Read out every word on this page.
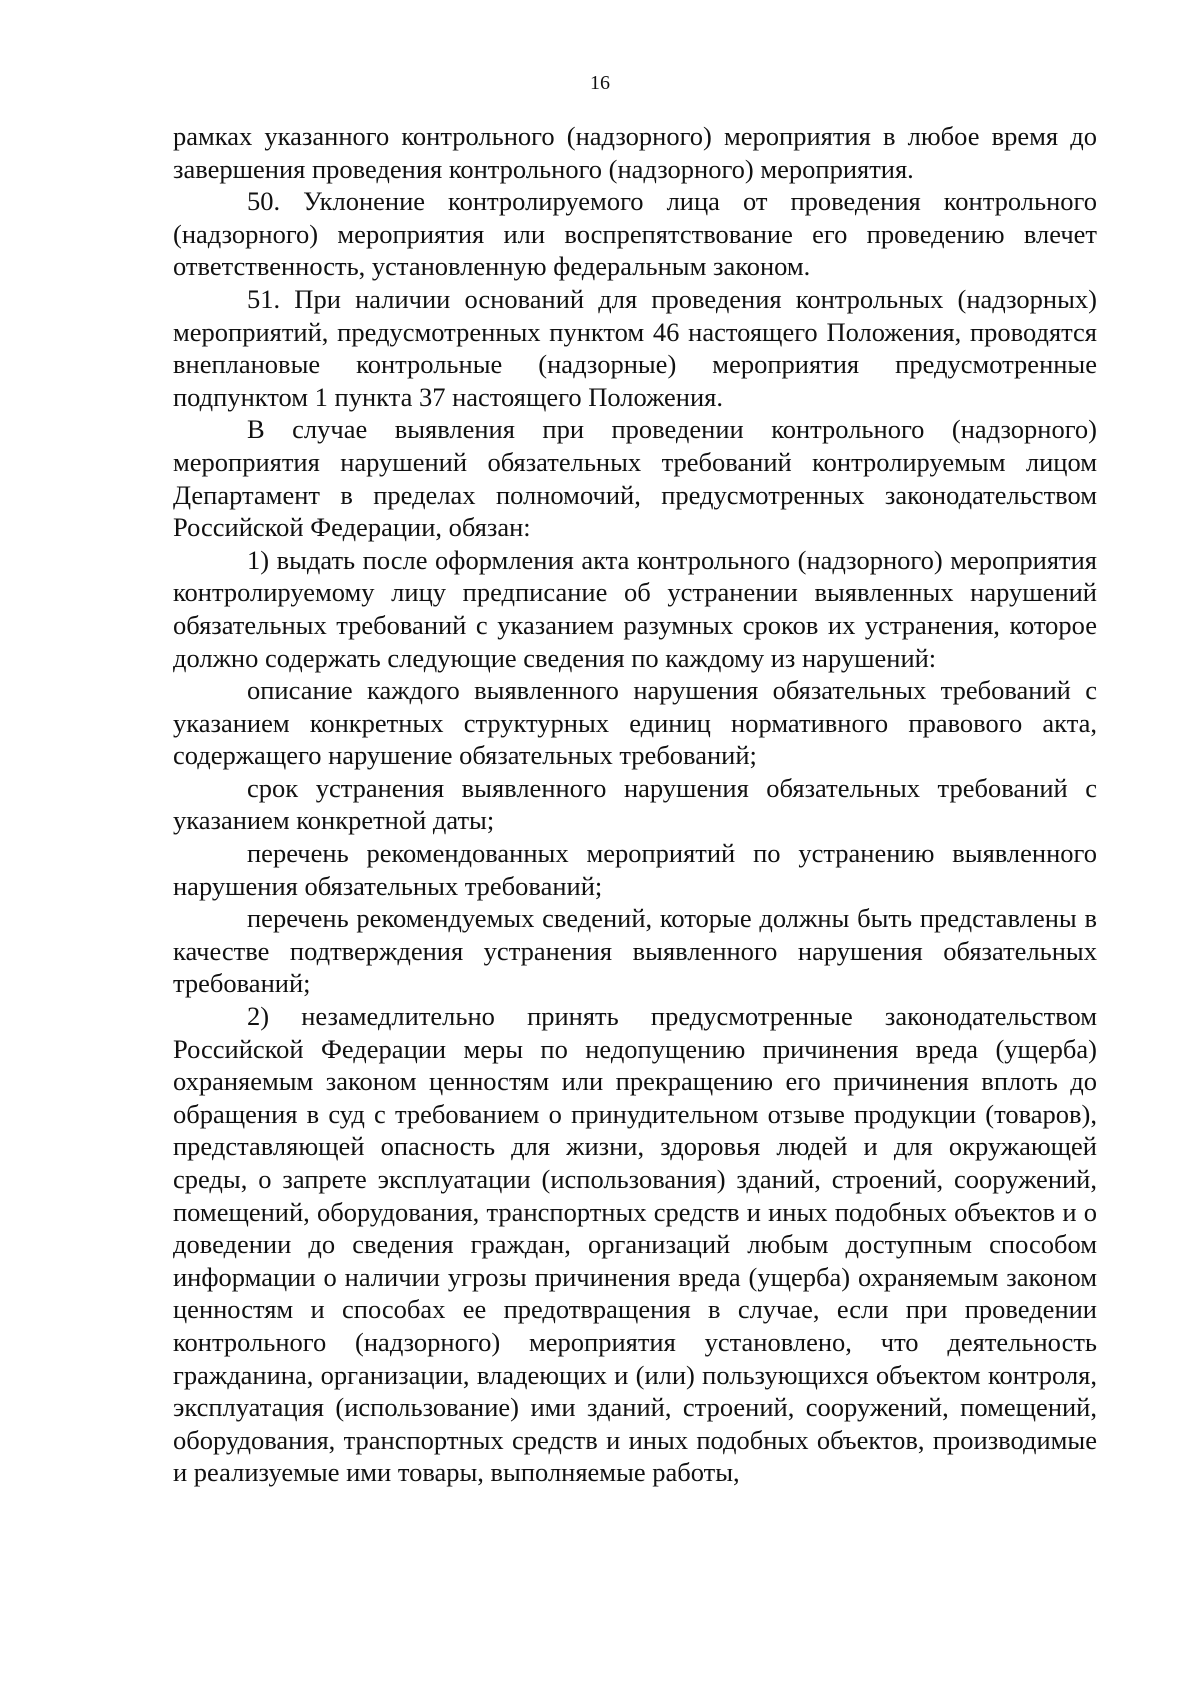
16

рамках указанного контрольного (надзорного) мероприятия в любое время до завершения проведения контрольного (надзорного) мероприятия.

50. Уклонение контролируемого лица от проведения контрольного (надзорного) мероприятия или воспрепятствование его проведению влечет ответственность, установленную федеральным законом.

51. При наличии оснований для проведения контрольных (надзорных) мероприятий, предусмотренных пунктом 46 настоящего Положения, проводятся внеплановые контрольные (надзорные) мероприятия предусмотренные подпунктом 1 пункта 37 настоящего Положения.

В случае выявления при проведении контрольного (надзорного) мероприятия нарушений обязательных требований контролируемым лицом Департамент в пределах полномочий, предусмотренных законодательством Российской Федерации, обязан:

1) выдать после оформления акта контрольного (надзорного) мероприятия контролируемому лицу предписание об устранении выявленных нарушений обязательных требований с указанием разумных сроков их устранения, которое должно содержать следующие сведения по каждому из нарушений:

описание каждого выявленного нарушения обязательных требований с указанием конкретных структурных единиц нормативного правового акта, содержащего нарушение обязательных требований;

срок устранения выявленного нарушения обязательных требований с указанием конкретной даты;

перечень рекомендованных мероприятий по устранению выявленного нарушения обязательных требований;

перечень рекомендуемых сведений, которые должны быть представлены в качестве подтверждения устранения выявленного нарушения обязательных требований;

2) незамедлительно принять предусмотренные законодательством Российской Федерации меры по недопущению причинения вреда (ущерба) охраняемым законом ценностям или прекращению его причинения вплоть до обращения в суд с требованием о принудительном отзыве продукции (товаров), представляющей опасность для жизни, здоровья людей и для окружающей среды, о запрете эксплуатации (использования) зданий, строений, сооружений, помещений, оборудования, транспортных средств и иных подобных объектов и о доведении до сведения граждан, организаций любым доступным способом информации о наличии угрозы причинения вреда (ущерба) охраняемым законом ценностям и способах ее предотвращения в случае, если при проведении контрольного (надзорного) мероприятия установлено, что деятельность гражданина, организации, владеющих и (или) пользующихся объектом контроля, эксплуатация (использование) ими зданий, строений, сооружений, помещений, оборудования, транспортных средств и иных подобных объектов, производимые и реализуемые ими товары, выполняемые работы,
